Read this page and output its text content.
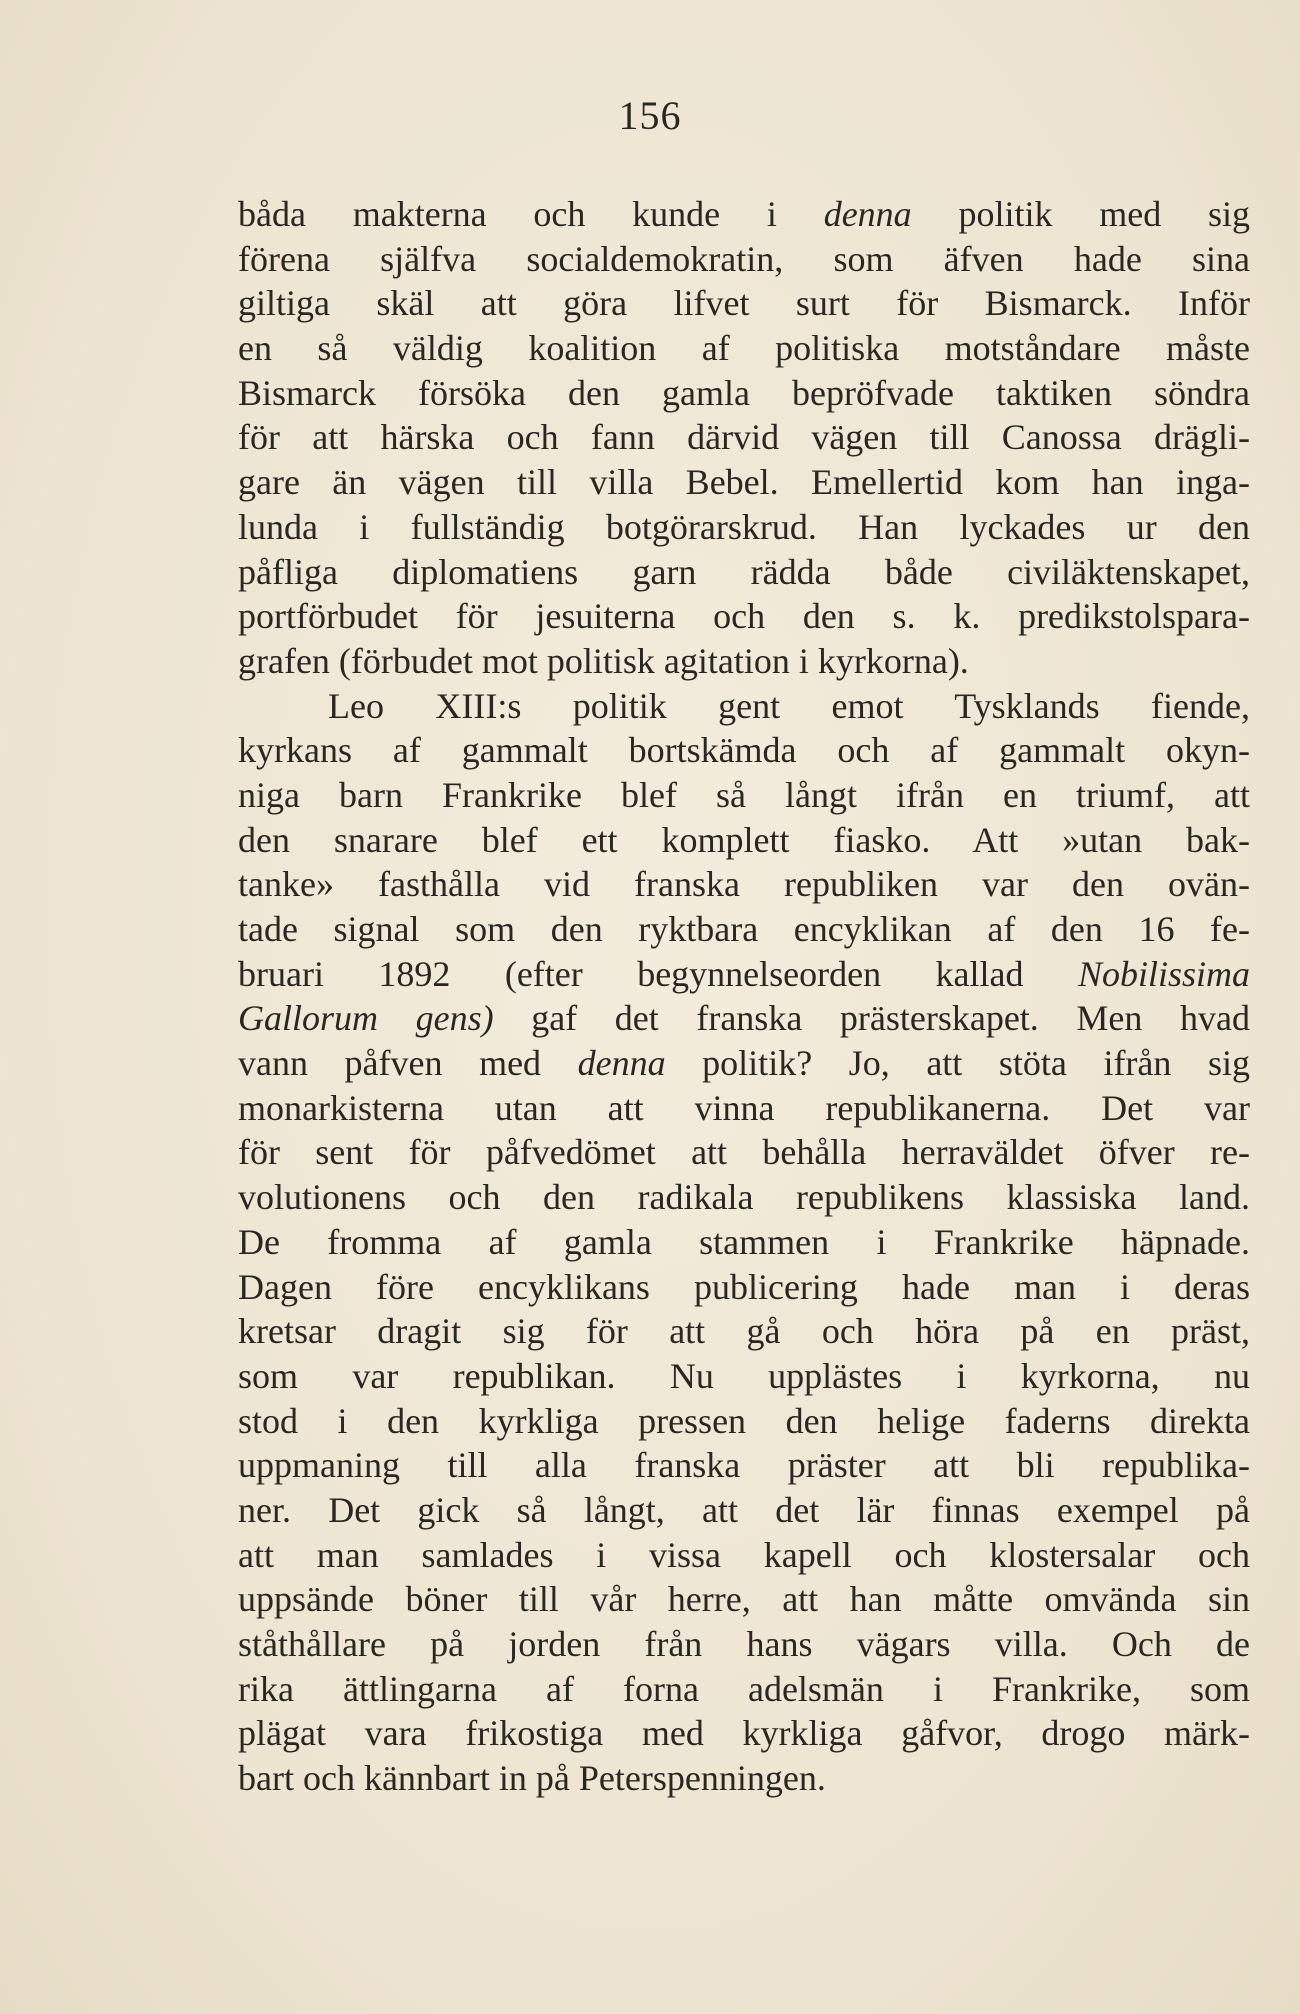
156
båda makterna och kunde i denna politik med sig
förena själfva socialdemokratin, som äfven hade sina
giltiga skäl att göra lifvet surt för Bismarck. Inför
en så väldig koalition af politiska motståndare måste
Bismarck försöka den gamla bepröfvade taktiken söndra
för att härska och fann därvid vägen till Canossa drägli-
gare än vägen till villa Bebel. Emellertid kom han inga-
lunda i fullständig botgörarskrud. Han lyckades ur den
påfliga diplomatiens garn rädda både civiläktenskapet,
portförbudet för jesuiterna och den s. k. predikstolspara-
grafen (förbudet mot politisk agitation i kyrkorna).
Leo XIII:s politik gent emot Tysklands fiende,
kyrkans af gammalt bortskämda och af gammalt okyn-
niga barn Frankrike blef så långt ifrån en triumf, att
den snarare blef ett komplett fiasko. Att »utan bak-
tanke» fasthålla vid franska republiken var den ovän-
tade signal som den ryktbara encyklikan af den 16 fe-
bruari 1892 (efter begynnelseorden kallad Nobilissima
Gallorum gens) gaf det franska prästerskapet. Men hvad
vann påfven med denna politik? Jo, att stöta ifrån sig
monarkisterna utan att vinna republikanerna. Det var
för sent för påfvedömet att behålla herraväldet öfver re-
volutionens och den radikala republikens klassiska land.
De fromma af gamla stammen i Frankrike häpnade.
Dagen före encyklikans publicering hade man i deras
kretsar dragit sig för att gå och höra på en präst,
som var republikan. Nu upplästes i kyrkorna, nu
stod i den kyrkliga pressen den helige faderns direkta
uppmaning till alla franska präster att bli republika-
ner. Det gick så långt, att det lär finnas exempel på
att man samlades i vissa kapell och klostersalar och
uppsände böner till vår herre, att han måtte omvända sin
ståthållare på jorden från hans vägars villa. Och de
rika ättlingarna af forna adelsmän i Frankrike, som
plägat vara frikostiga med kyrkliga gåfvor, drogo märk-
bart och kännbart in på Peterspenningen.
